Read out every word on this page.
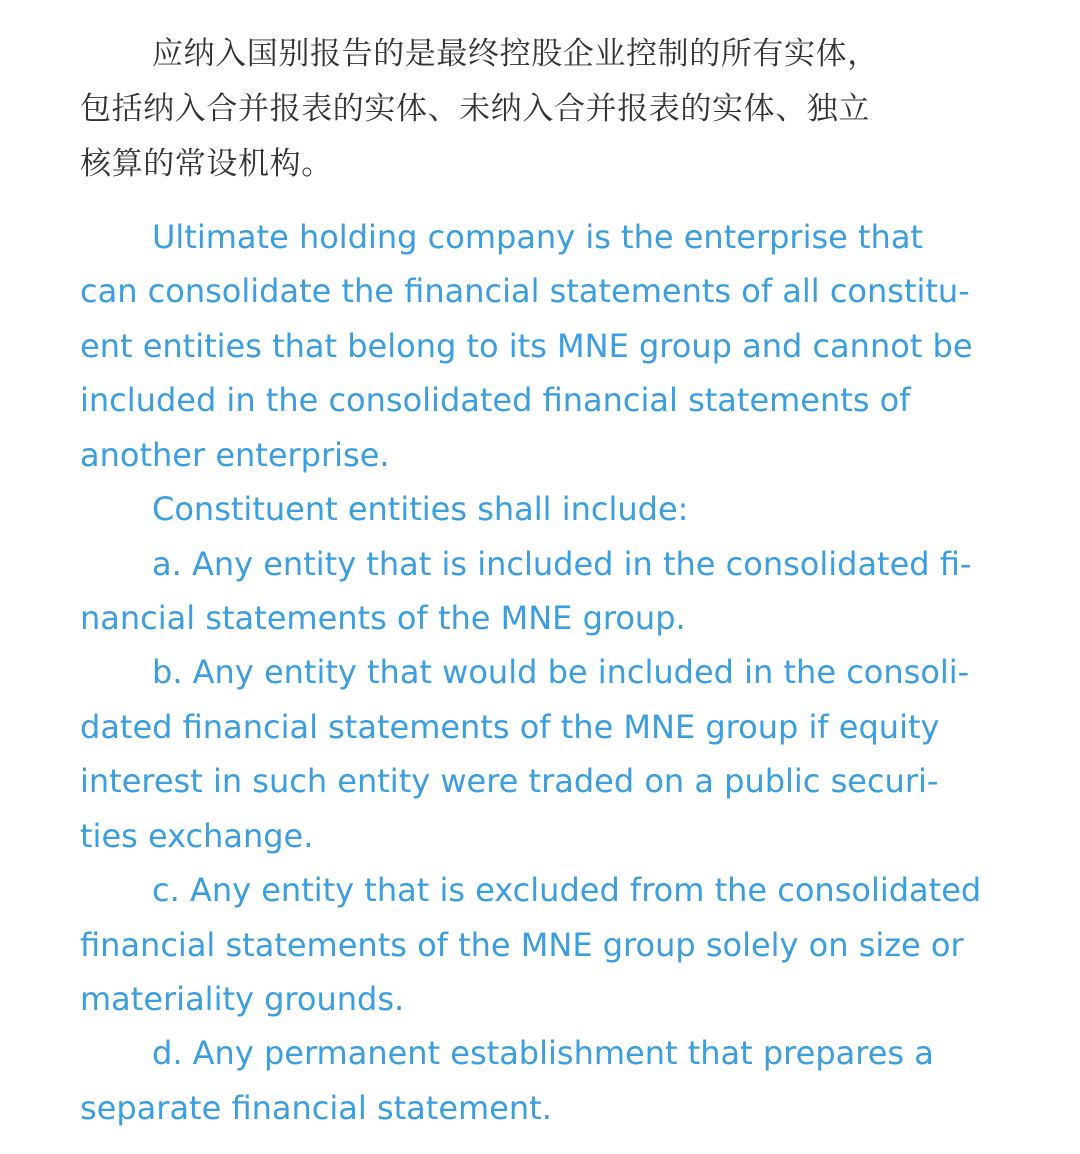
应纳入国别报告的是最终控股企业控制的所有实体，
包括纳入合并报表的实体、未纳入合并报表的实体、独立
核算的常设机构。
Ultimate holding company is the enterprise that
can consolidate the financial statements of all constitu-
ent entities that belong to its MNE group and cannot be
included in the consolidated financial statements of
another enterprise.
Constituent entities shall include:
a. Any entity that is included in the consolidated fi-
nancial statements of the MNE group.
b. Any entity that would be included in the consoli-
dated financial statements of the MNE group if equity
interest in such entity were traded on a public securi-
ties exchange.
c. Any entity that is excluded from the consolidated
financial statements of the MNE group solely on size or
materiality grounds.
d. Any permanent establishment that prepares a
separate financial statement.
